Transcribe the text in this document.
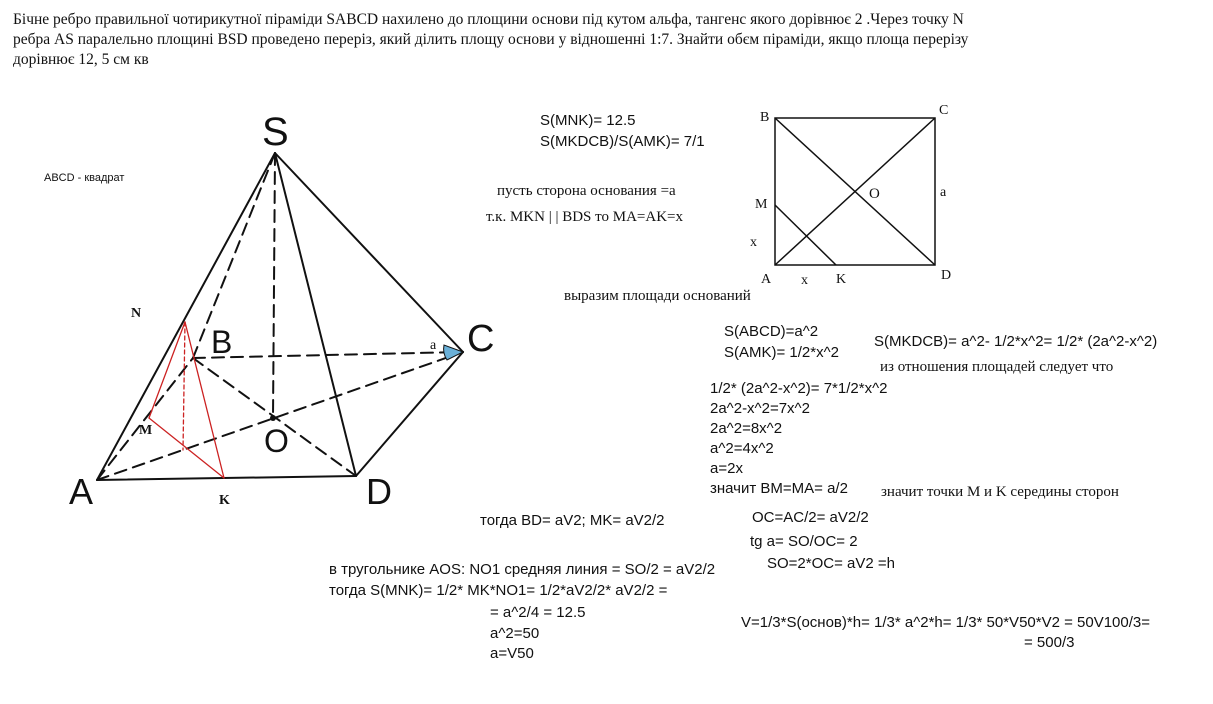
Бічне ребро правильної чотирикутної піраміди SABCD нахилено до площини основи під кутом альфа, тангенс якого дорівнює 2 .Через точку N
ребра AS паралельно площині BSD проведено переріз, який ділить площу основи у відношенні 1:7. Знайти обєм піраміди, якщо площа перерізу
дорівнює 12, 5 см кв
S
A
B	C
D
O
N
M
K
a
ABCD - квадрат
B	C
A	D
M
K
O	a
x
x
S(MNK)= 12.5
S(MKDCB)/S(AMK)= 7/1
пусть сторона основания =a
т.к. MKN | | BDS то MA=AK=x
выразим площади оснований
S(ABCD)=a^2
S(AMK)= 1/2*x^2
S(MKDCB)= a^2- 1/2*x^2= 1/2* (2a^2-x^2)
из отношения площадей следует что
1/2* (2a^2-x^2)= 7*1/2*x^2
2a^2-x^2=7x^2
2a^2=8x^2
a^2=4x^2
a=2x
значит BM=MA= a/2 значит точки M и K середины сторон
тогда BD= aV2; MK= aV2/2	OC=AC/2= aV2/2
tg a= SO/OC= 2
SO=2*OC= aV2 =h
в тругольнике AOS: NO1 средняя линия = SO/2 = aV2/2
тогда S(MNK)= 1/2* MK*NO1= 1/2*aV2/2* aV2/2 =
= a^2/4 = 12.5
a^2=50
a=V50
V=1/3*S(основ)*h= 1/3* a^2*h= 1/3* 50*V50*V2 = 50V100/3=
= 500/3
